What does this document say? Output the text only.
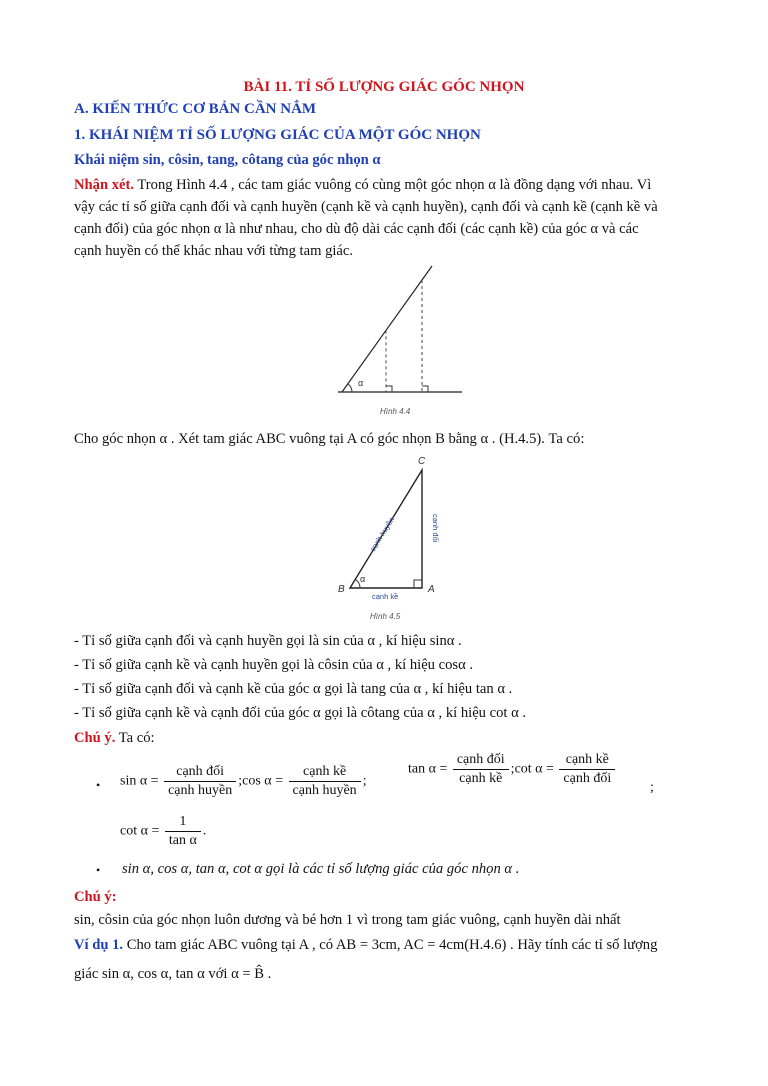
BÀI 11. TỈ SỐ LƯỢNG GIÁC GÓC NHỌN
A. KIẾN THỨC CƠ BẢN CẦN NẮM
1. KHÁI NIỆM TỈ SỐ LƯỢNG GIÁC CỦA MỘT GÓC NHỌN
Khái niệm sin, côsin, tang, côtang của góc nhọn α
Nhận xét. Trong Hình 4.4 , các tam giác vuông có cùng một góc nhọn α là đồng dạng với nhau. Vì
vậy các tỉ số giữa cạnh đối và cạnh huyền (cạnh kề và cạnh huyền), cạnh đối và cạnh kề (cạnh kề và
cạnh đối) của góc nhọn α là như nhau, cho dù độ dài các cạnh đối (các cạnh kề) của góc α và các
cạnh huyền có thể khác nhau với từng tam giác.
α
Hình 4.4
Cho góc nhọn α . Xét tam giác ABC vuông tại A có góc nhọn B bằng α . (H.4.5). Ta có:
α
C
B	A
cạnh huyền	cạnh đối
cạnh kề
Hình 4.5
- Tỉ số giữa cạnh đối và cạnh huyền gọi là sin của α , kí hiệu sinα .
- Tỉ số giữa cạnh kề và cạnh huyền gọi là côsin của α , kí hiệu cosα .
- Tỉ số giữa cạnh đối và cạnh kề của góc α gọi là tang của α , kí hiệu tan α .
- Tỉ số giữa cạnh kề và cạnh đối của góc α gọi là côtang của α , kí hiệu cot α .
Chú ý. Ta có:
• $\sin \alpha = \frac{\text{cạnh đối}}{\text{cạnh huyền}}$ ;cos $\alpha = \frac{\text{cạnh kề}}{\text{cạnh huyền}}$ ;
$\tan \alpha = \frac{\text{cạnh đối}}{\text{cạnh kề}}$ ;cot $\alpha = \frac{\text{cạnh kề}}{\text{cạnh đối}}$
;
$\cot \alpha = \frac{1}{\text{tan α}}$ .
• sin α, cos α, tan α, cot α gọi là các tỉ số lượng giác của góc nhọn α .
Chú ý:
sin, côsin của góc nhọn luôn dương và bé hơn 1 vì trong tam giác vuông, cạnh huyền dài nhất
Ví dụ 1. Cho tam giác ABC vuông tại A , có AB = 3cm, AC = 4cm(H.4.6) . Hãy tính các tỉ số lượng
giác sin α, cos α, tan α với α = B̂ .
